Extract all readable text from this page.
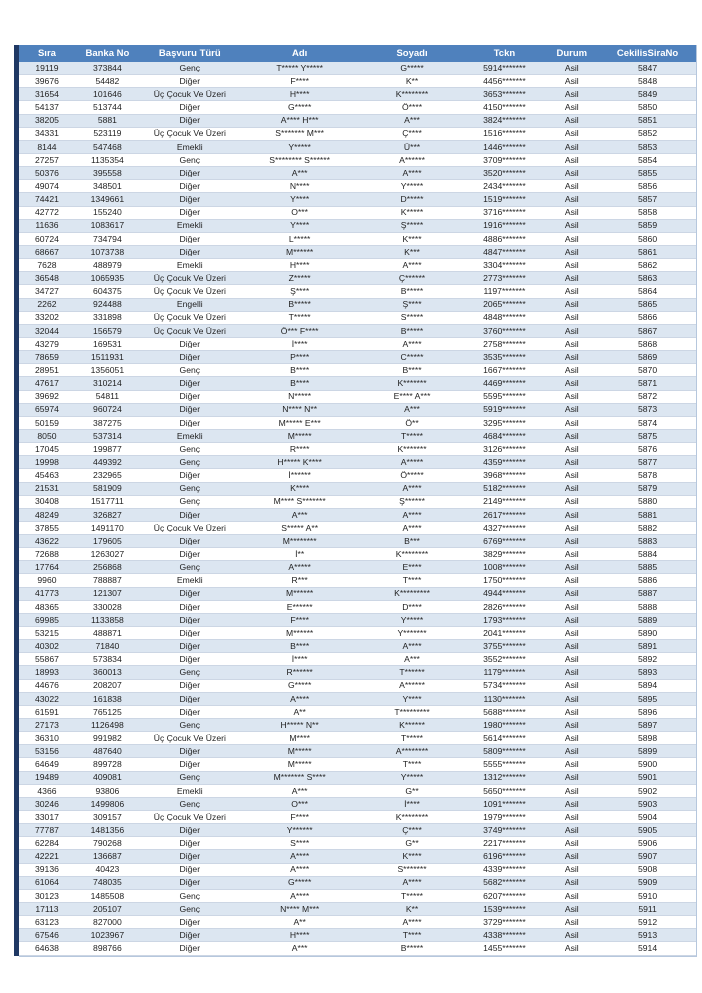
Sıra	Banka No	Başvuru Türü	Adı	Soyadı	Tckn	Durum	CekilisSiraNo
19119	373844	Genç	T***** Y*****	G*****	5914*******	Asil	5847
39676	54482	Diğer	F****	K**	4456*******	Asil	5848
31654	101646	Üç Çocuk Ve Üzeri	H****	K********	3653*******	Asil	5849
54137	513744	Diğer	G*****	Ö****	4150*******	Asil	5850
38205	5881	Diğer	A**** H***	A***	3824*******	Asil	5851
34331	523119	Üç Çocuk Ve Üzeri	S******* M***	Ç****	1516*******	Asil	5852
8144	547468	Emekli	Y*****	Ü***	1446*******	Asil	5853
27257	1135354	Genç	S******** S******	A******	3709*******	Asil	5854
50376	395558	Diğer	A***	A****	3520*******	Asil	5855
49074	348501	Diğer	N****	Y*****	2434*******	Asil	5856
74421	1349661	Diğer	Y****	D*****	1519*******	Asil	5857
42772	155240	Diğer	O***	K*****	3716*******	Asil	5858
11636	1083617	Emekli	Y****	Ş*****	1916*******	Asil	5859
60724	734794	Diğer	L*****	K****	4886*******	Asil	5860
68667	1073738	Diğer	M******	K***	4847*******	Asil	5861
7628	488979	Emekli	H****	A****	3304*******	Asil	5862
36548	1065935	Üç Çocuk Ve Üzeri	Z*****	Ç******	2773*******	Asil	5863
34727	604375	Üç Çocuk Ve Üzeri	Ş****	B*****	1197*******	Asil	5864
2262	924488	Engelli	B*****	Ş****	2065*******	Asil	5865
33202	331898	Üç Çocuk Ve Üzeri	T*****	S*****	4848*******	Asil	5866
32044	156579	Üç Çocuk Ve Üzeri	Ö*** F****	B*****	3760*******	Asil	5867
43279	169531	Diğer	İ****	A****	2758*******	Asil	5868
78659	1511931	Diğer	P****	C*****	3535*******	Asil	5869
28951	1356051	Genç	B****	B****	1667*******	Asil	5870
47617	310214	Diğer	B****	K*******	4469*******	Asil	5871
39692	54811	Diğer	N*****	E**** A***	5595*******	Asil	5872
65974	960724	Diğer	N**** N**	A***	5919*******	Asil	5873
50159	387275	Diğer	M***** E***	Ö**	3295*******	Asil	5874
8050	537314	Emekli	M*****	T*****	4684*******	Asil	5875
17045	199877	Genç	R****	K*******	3126*******	Asil	5876
19998	449392	Genç	H***** K****	A*****	4359*******	Asil	5877
45463	232965	Diğer	İ******	Ö*****	3968*******	Asil	5878
21531	581909	Genç	K****	A****	5182*******	Asil	5879
30408	1517711	Genç	M**** S*******	Ş******	2149*******	Asil	5880
48249	326827	Diğer	A***	A****	2617*******	Asil	5881
37855	1491170	Üç Çocuk Ve Üzeri	S***** A**	A****	4327*******	Asil	5882
43622	179605	Diğer	M********	B***	6769*******	Asil	5883
72688	1263027	Diğer	İ**	K********	3829*******	Asil	5884
17764	256868	Genç	A*****	E****	1008*******	Asil	5885
9960	788887	Emekli	R***	T****	1750*******	Asil	5886
41773	121307	Diğer	M******	K*********	4944*******	Asil	5887
48365	330028	Diğer	E******	D****	2826*******	Asil	5888
69985	1133858	Diğer	F****	Y*****	1793*******	Asil	5889
53215	488871	Diğer	M******	Y*******	2041*******	Asil	5890
40302	71840	Diğer	B****	A****	3755*******	Asil	5891
55867	573834	Diğer	İ****	A***	3552*******	Asil	5892
18993	360013	Genç	R******	T******	1179*******	Asil	5893
44676	208207	Diğer	G*****	A******	5734*******	Asil	5894
43022	161838	Diğer	A****	Y****	1130*******	Asil	5895
61591	765125	Diğer	A**	T*********	5688*******	Asil	5896
27173	1126498	Genç	H***** N**	K******	1980*******	Asil	5897
36310	991982	Üç Çocuk Ve Üzeri	M****	T*****	5614*******	Asil	5898
53156	487640	Diğer	M*****	A********	5809*******	Asil	5899
64649	899728	Diğer	M*****	T****	5555*******	Asil	5900
19489	409081	Genç	M******* S****	Y*****	1312*******	Asil	5901
4366	93806	Emekli	A***	G**	5650*******	Asil	5902
30246	1499806	Genç	O***	İ****	1091*******	Asil	5903
33017	309157	Üç Çocuk Ve Üzeri	F****	K********	1979*******	Asil	5904
77787	1481356	Diğer	Y******	Ç****	3749*******	Asil	5905
62284	790268	Diğer	S****	G**	2217*******	Asil	5906
42221	136687	Diğer	A****	K****	6196*******	Asil	5907
39136	40423	Diğer	A****	S*******	4339*******	Asil	5908
61064	748035	Diğer	G*****	A****	5682*******	Asil	5909
30123	1485508	Genç	A****	T*****	6207*******	Asil	5910
17113	205107	Genç	N**** M***	K**	1539*******	Asil	5911
63123	827000	Diğer	A**	A****	3729*******	Asil	5912
67546	1023967	Diğer	H****	T****	4338*******	Asil	5913
64638	898766	Diğer	A***	B*****	1455*******	Asil	5914
